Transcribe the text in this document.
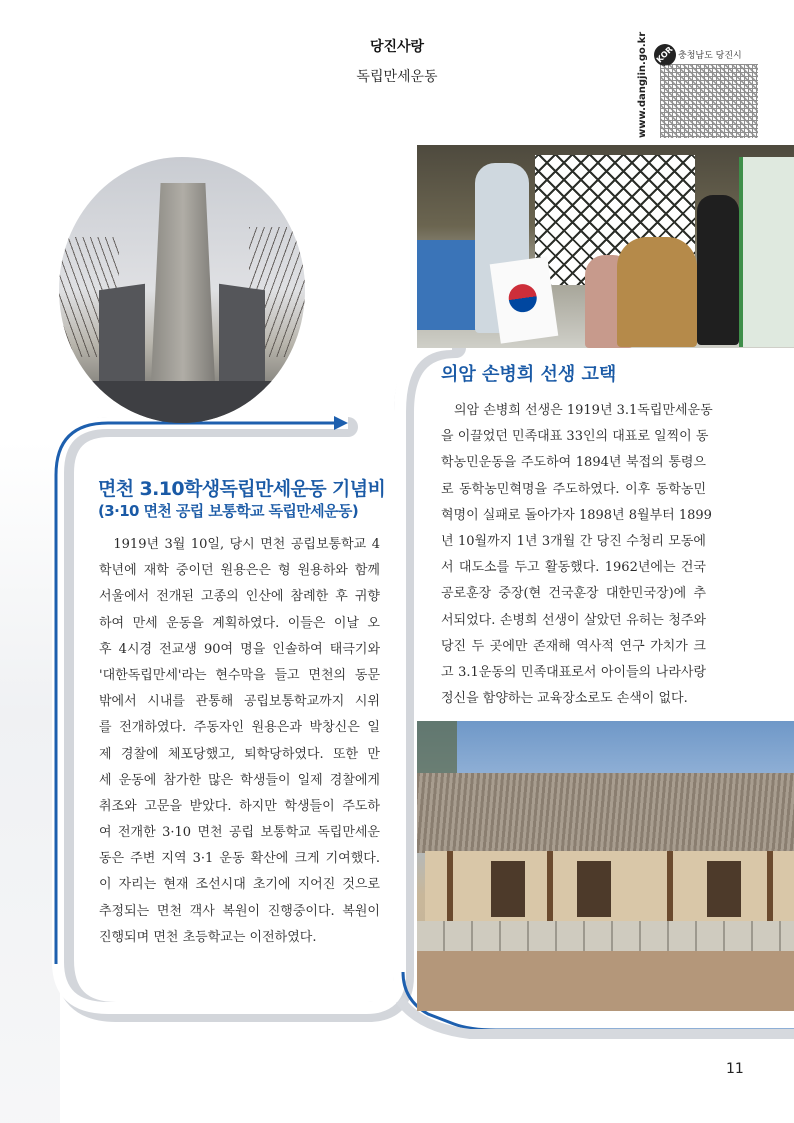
당진사랑
독립만세운동	www.dangjin.go.kr KOR 충청남도 당진시
의암 손병희 선생 고택
　의암 손병희 선생은 1919년 3.1독립만세운동
을 이끌었던 민족대표 33인의 대표로 일찍이 동
학농민운동을 주도하여 1894년 북접의 통령으
로 동학농민혁명을 주도하였다. 이후 동학농민
혁명이 실패로 돌아가자 1898년 8월부터 1899
년 10월까지 1년 3개월 간 당진 수청리 모동에
서 대도소를 두고 활동했다. 1962년에는 건국
공로훈장 중장(현 건국훈장 대한민국장)에 추
서되었다. 손병희 선생이 살았던 유허는 청주와
당진 두 곳에만 존재해 역사적 연구 가치가 크
고 3.1운동의 민족대표로서 아이들의 나라사랑
정신을 함양하는 교육장소로도 손색이 없다.
면천 3.10학생독립만세운동 기념비
(3·10 면천 공립 보통학교 독립만세운동)
　1919년 3월 10일, 당시 면천 공립보통학교 4
학년에 재학 중이던 원용은은 형 원용하와 함께
서울에서 전개된 고종의 인산에 참례한 후 귀향
하여 만세 운동을 계획하였다. 이들은 이날 오
후 4시경 전교생 90여 명을 인솔하여 태극기와
'대한독립만세'라는 현수막을 들고 면천의 동문
밖에서 시내를 관통해 공립보통학교까지 시위
를 전개하였다. 주동자인 원용은과 박창신은 일
제 경찰에 체포당했고, 퇴학당하였다. 또한 만
세 운동에 참가한 많은 학생들이 일제 경찰에게
취조와 고문을 받았다. 하지만 학생들이 주도하
여 전개한 3·10 면천 공립 보통학교 독립만세운
동은 주변 지역 3·1 운동 확산에 크게 기여했다.
이 자리는 현재 조선시대 초기에 지어진 것으로
추정되는 면천 객사 복원이 진행중이다. 복원이
진행되며 면천 초등학교는 이전하였다.
11
